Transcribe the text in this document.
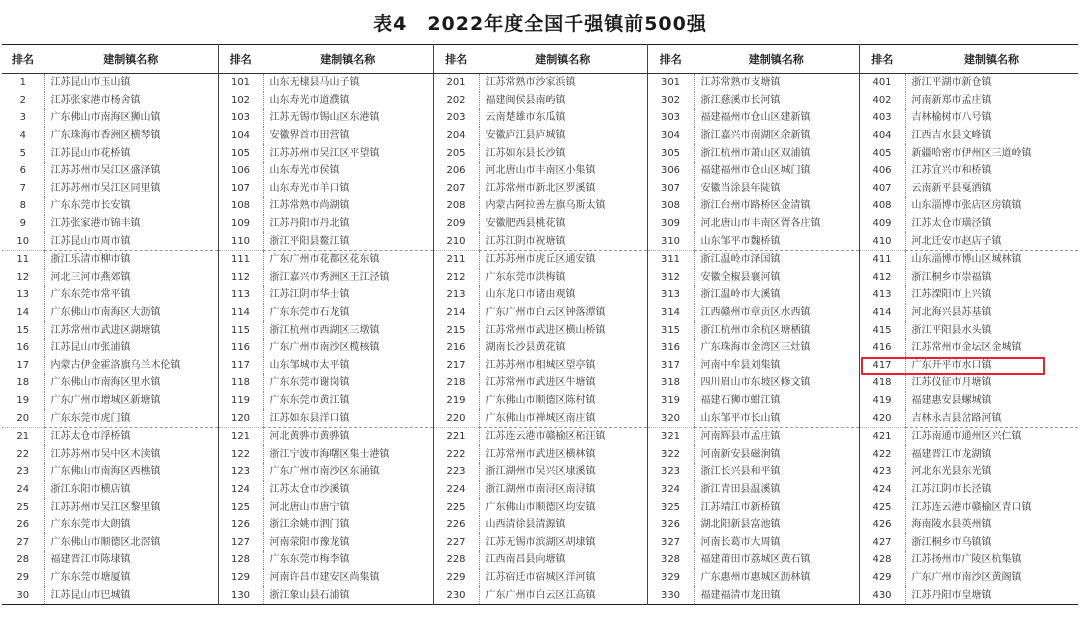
表4　2022年度全国千强镇前500强
排名	建制镇名称	排名	建制镇名称	排名	建制镇名称	排名	建制镇名称	排名	建制镇名称
1	江苏昆山市玉山镇	101	山东无棣县马山子镇	201	江苏常熟市沙家浜镇	301	江苏常熟市支塘镇	401	浙江平湖市新仓镇
2	江苏张家港市杨舍镇	102	山东寿光市道濮镇	202	福建闽侯县南屿镇	302	浙江慈溪市长河镇	402	河南新郑市孟庄镇
3	广东佛山市南海区狮山镇	103	江苏无锡市锡山区东港镇	203	云南楚雄市东瓜镇	303	福建福州市仓山区建新镇	403	吉林榆树市八号镇
4	广东珠海市香洲区横琴镇	104	安徽界首市田营镇	204	安徽庐江县庐城镇	304	浙江嘉兴市南湖区余新镇	404	江西吉水县文峰镇
5	江苏昆山市花桥镇	105	江苏苏州市吴江区平望镇	205	江苏如东县长沙镇	305	浙江杭州市萧山区双浦镇	405	新疆哈密市伊州区三道岭镇
6	江苏苏州市吴江区盛泽镇	106	山东寿光市侯镇	206	河北唐山市丰南区小集镇	306	福建福州市仓山区城门镇	406	江苏宜兴市和桥镇
7	江苏苏州市吴江区同里镇	107	山东寿光市羊口镇	207	江苏常州市新北区罗溪镇	307	安徽当涂县年陡镇	407	云南新平县戛洒镇
8	广东东莞市长安镇	108	江苏常熟市尚湖镇	208	内蒙古阿拉善左旗乌斯太镇	308	浙江台州市路桥区金清镇	408	山东淄博市张店区房镇镇
9	江苏张家港市锦丰镇	109	江苏丹阳市丹北镇	209	安徽肥西县桃花镇	309	河北唐山市丰南区胥各庄镇	409	江苏太仓市璜泾镇
10	江苏昆山市周市镇	110	浙江平阳县鳌江镇	210	江苏江阴市祝塘镇	310	山东邹平市魏桥镇	410	河北迁安市赵店子镇
11	浙江乐清市柳市镇	111	广东广州市花都区花东镇	211	江苏苏州市虎丘区通安镇	311	浙江温岭市泽国镇	411	山东淄博市博山区城林镇
12	河北三河市燕郊镇	112	浙江嘉兴市秀洲区王江泾镇	212	广东东莞市洪梅镇	312	安徽全椒县襄河镇	412	浙江桐乡市崇福镇
13	广东东莞市常平镇	113	江苏江阴市华士镇	213	山东龙口市诸由观镇	313	浙江温岭市大溪镇	413	江苏溧阳市上兴镇
14	广东佛山市南海区大沥镇	114	广东东莞市石龙镇	214	广东广州市白云区钟落潭镇	314	江西赣州市章贡区水西镇	414	河北海兴县苏基镇
15	江苏常州市武进区湖塘镇	115	浙江杭州市西湖区三墩镇	215	江苏常州市武进区横山桥镇	315	浙江杭州市余杭区塘栖镇	415	浙江平阳县水头镇
16	江苏昆山市张浦镇	116	广东广州市南沙区榄核镇	216	湖南长沙县黄花镇	316	广东珠海市金湾区三灶镇	416	江苏常州市金坛区金城镇
17	内蒙古伊金霍洛旗乌兰木伦镇	117	山东邹城市太平镇	217	江苏苏州市相城区望亭镇	317	河南中牟县刘集镇	417	广东开平市水口镇
18	广东佛山市南海区里水镇	118	广东东莞市谢岗镇	218	江苏常州市武进区牛塘镇	318	四川眉山市东坡区修文镇	418	江苏仪征市月塘镇
19	广东广州市增城区新塘镇	119	广东东莞市黄江镇	219	广东佛山市顺德区陈村镇	319	福建石狮市蚶江镇	419	福建惠安县螺城镇
20	广东东莞市虎门镇	120	江苏如东县洋口镇	220	广东佛山市禅城区南庄镇	320	山东邹平市长山镇	420	吉林永吉县岔路河镇
21	江苏太仓市浮桥镇	121	河北黄骅市黄骅镇	221	江苏连云港市赣榆区柘汪镇	321	河南辉县市孟庄镇	421	江苏南通市通州区兴仁镇
22	江苏苏州市吴中区木渎镇	122	浙江宁波市海曙区集士港镇	222	江苏常州市武进区横林镇	322	河南新安县磁涧镇	422	福建晋江市龙湖镇
23	广东佛山市南海区西樵镇	123	广东广州市南沙区东涌镇	223	浙江湖州市吴兴区埭溪镇	323	浙江长兴县和平镇	423	河北东光县东光镇
24	浙江东阳市横店镇	124	江苏太仓市沙溪镇	224	浙江湖州市南浔区南浔镇	324	浙江青田县温溪镇	424	江苏江阴市长泾镇
25	江苏苏州市吴江区黎里镇	125	河北唐山市唐宁镇	225	广东佛山市顺德区均安镇	325	江苏靖江市新桥镇	425	江苏连云港市赣榆区青口镇
26	广东东莞市大朗镇	126	浙江余姚市泗门镇	226	山西清徐县清源镇	326	湖北阳新县富池镇	426	海南陵水县英州镇
27	广东佛山市顺德区北滘镇	127	河南荥阳市豫龙镇	227	江苏无锡市滨湖区胡埭镇	327	河南长葛市大周镇	427	浙江桐乡市乌镇镇
28	福建晋江市陈埭镇	128	广东东莞市梅李镇	228	江西南昌县向塘镇	328	福建莆田市荔城区黄石镇	428	江苏扬州市广陵区杭集镇
29	广东东莞市塘厦镇	129	河南许昌市建安区尚集镇	229	江苏宿迁市宿城区洋河镇	329	广东惠州市惠城区沥林镇	429	广东广州市南沙区黄阁镇
30	江苏昆山市巴城镇	130	浙江象山县石浦镇	230	广东广州市白云区江高镇	330	福建福清市龙田镇	430	江苏丹阳市皇塘镇
